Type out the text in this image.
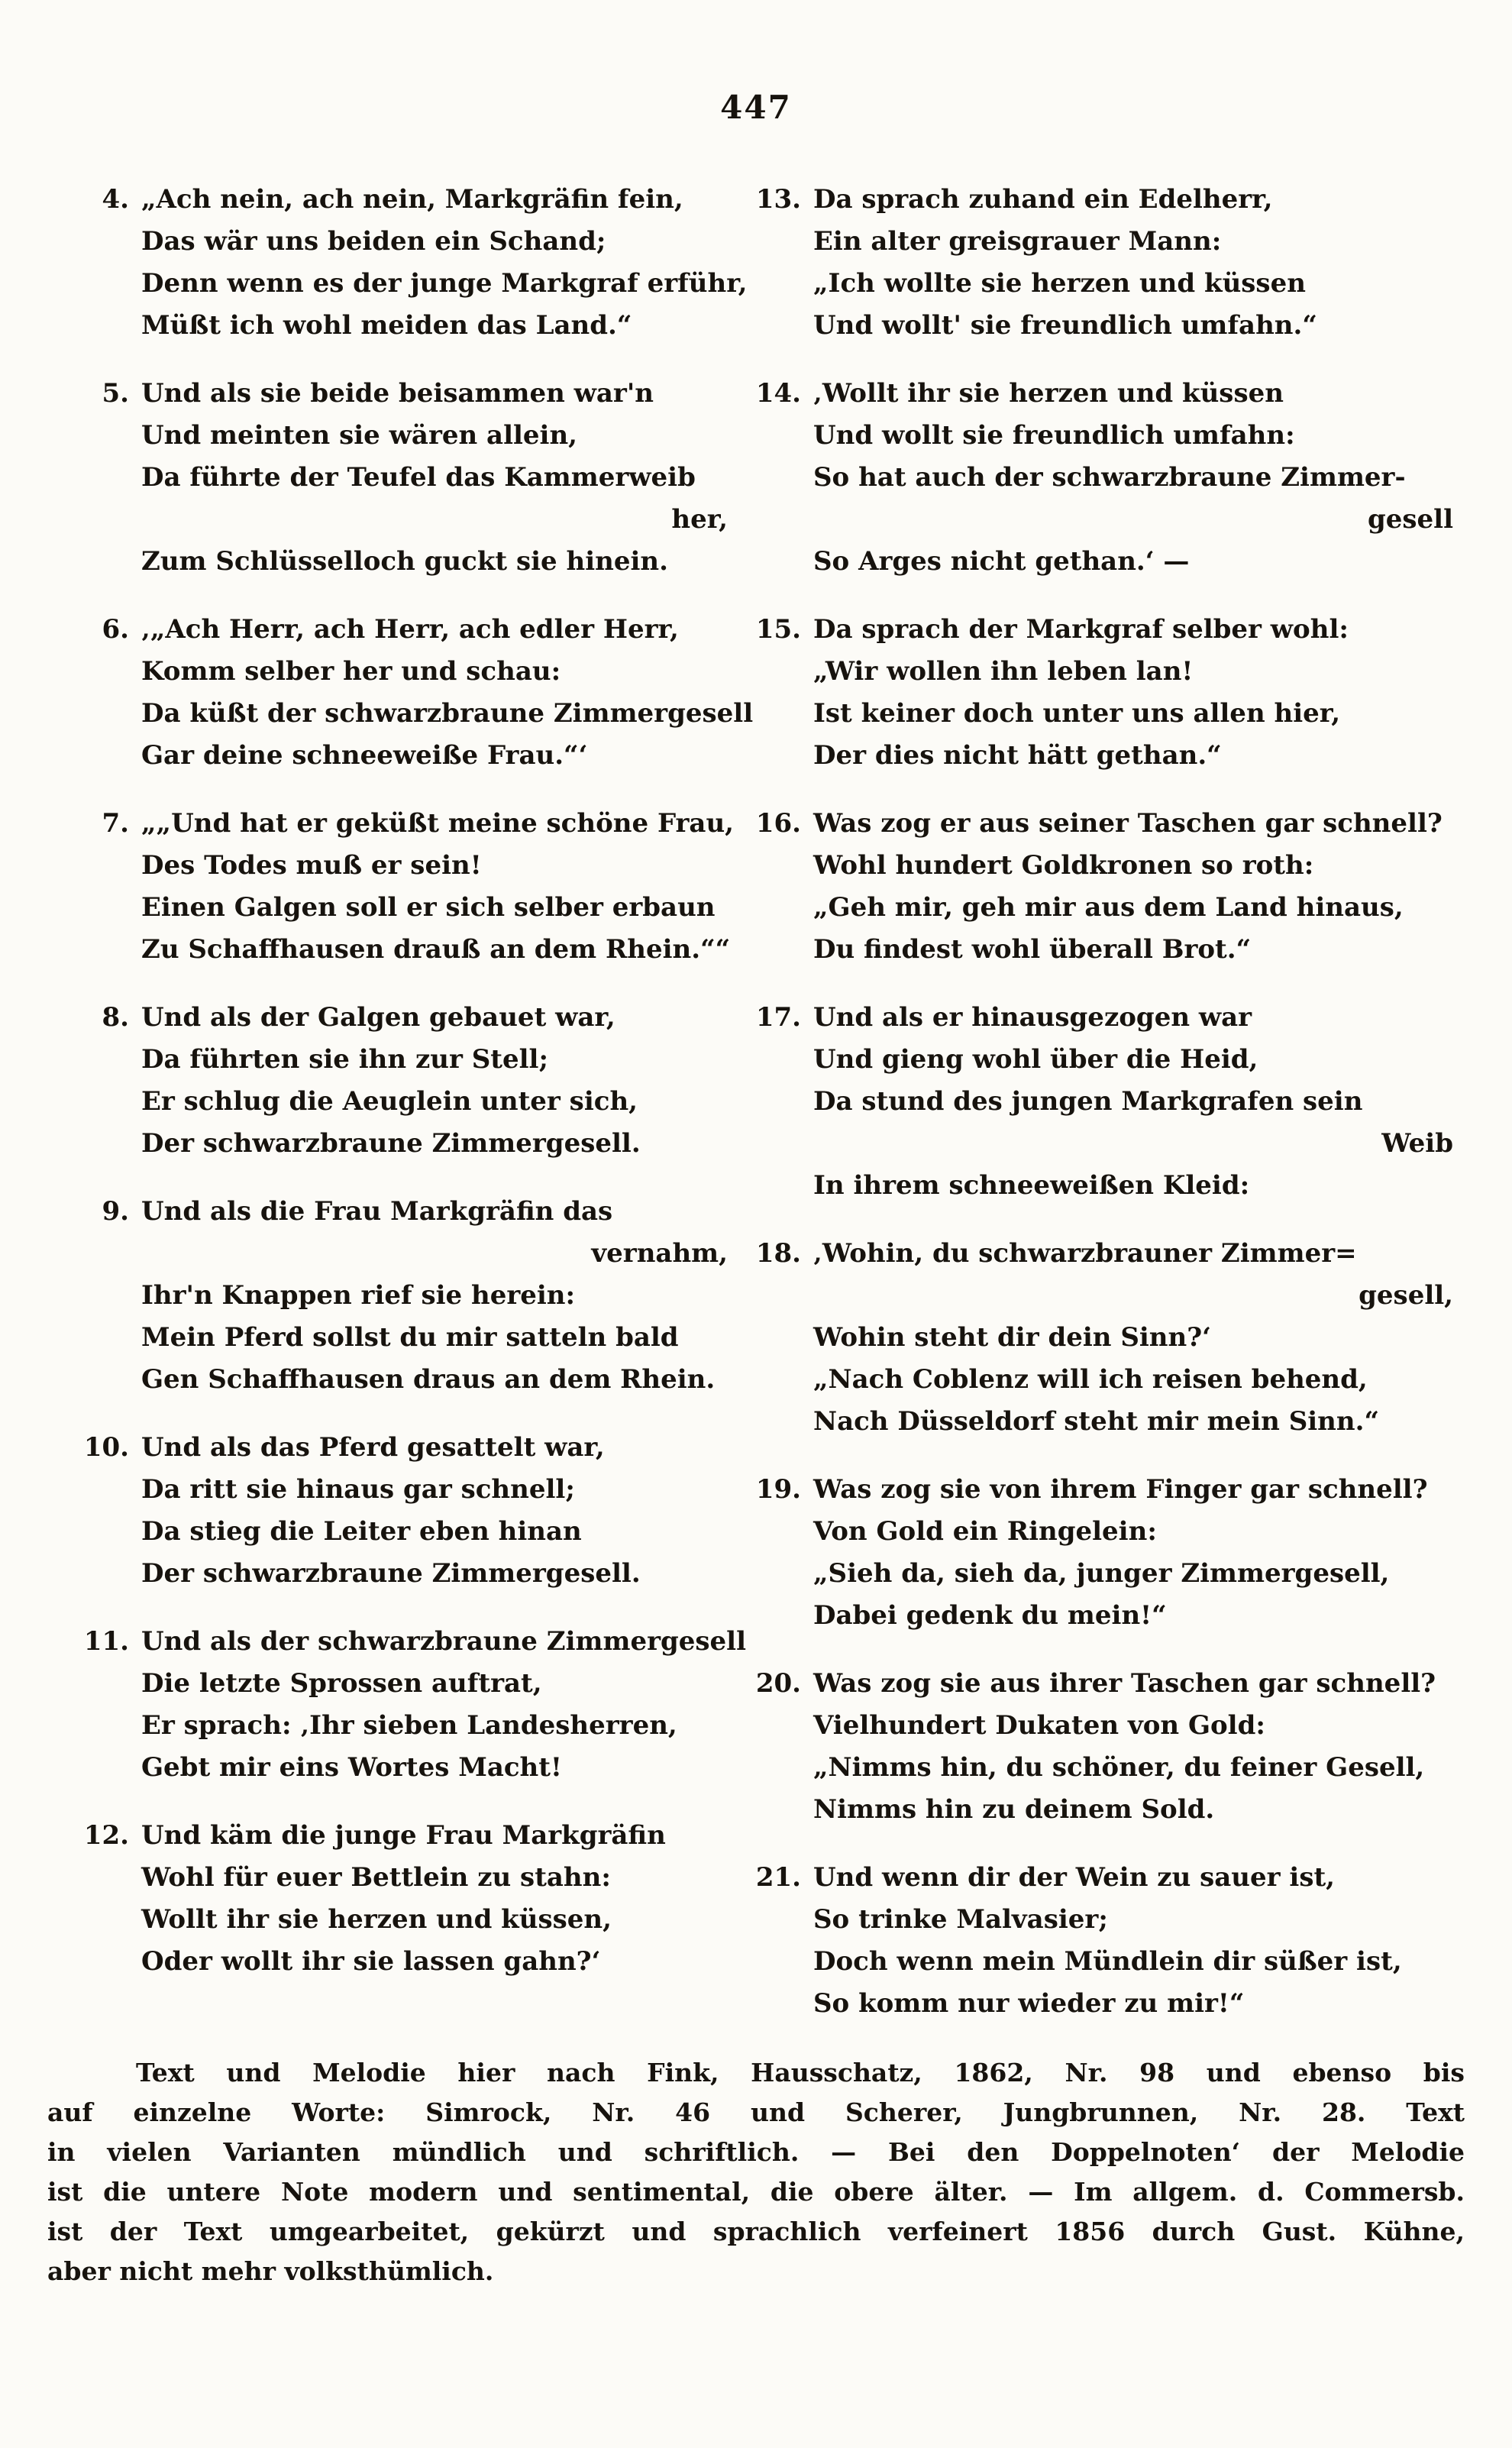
447
4. „Ach nein, ach nein, Markgräfin fein,
Das wär uns beiden ein Schand;
Denn wenn es der junge Markgraf erführ,
Müßt ich wohl meiden das Land.“
5. Und als sie beide beisammen war'n
Und meinten sie wären allein,
Da führte der Teufel das Kammerweib
her,
Zum Schlüsselloch guckt sie hinein.
6. ‚„Ach Herr, ach Herr, ach edler Herr,
Komm selber her und schau:
Da küßt der schwarzbraune Zimmergesell
Gar deine schneeweiße Frau.“‘
7. „„Und hat er geküßt meine schöne Frau,
Des Todes muß er sein!
Einen Galgen soll er sich selber erbaun
Zu Schaffhausen drauß an dem Rhein.““
8. Und als der Galgen gebauet war,
Da führten sie ihn zur Stell;
Er schlug die Aeuglein unter sich,
Der schwarzbraune Zimmergesell.
9. Und als die Frau Markgräfin das
vernahm,
Ihr'n Knappen rief sie herein:
Mein Pferd sollst du mir satteln bald
Gen Schaffhausen draus an dem Rhein.
10. Und als das Pferd gesattelt war,
Da ritt sie hinaus gar schnell;
Da stieg die Leiter eben hinan
Der schwarzbraune Zimmergesell.
11. Und als der schwarzbraune Zimmergesell
Die letzte Sprossen auftrat,
Er sprach: ‚Ihr sieben Landesherren,
Gebt mir eins Wortes Macht!
12. Und käm die junge Frau Markgräfin
Wohl für euer Bettlein zu stahn:
Wollt ihr sie herzen und küssen,
Oder wollt ihr sie lassen gahn?‘
13. Da sprach zuhand ein Edelherr,
Ein alter greisgrauer Mann:
„Ich wollte sie herzen und küssen
Und wollt' sie freundlich umfahn.“
14. ‚Wollt ihr sie herzen und küssen
Und wollt sie freundlich umfahn:
So hat auch der schwarzbraune Zimmer-
gesell
So Arges nicht gethan.‘ —
15. Da sprach der Markgraf selber wohl:
„Wir wollen ihn leben lan!
Ist keiner doch unter uns allen hier,
Der dies nicht hätt gethan.“
16. Was zog er aus seiner Taschen gar schnell?
Wohl hundert Goldkronen so roth:
„Geh mir, geh mir aus dem Land hinaus,
Du findest wohl überall Brot.“
17. Und als er hinausgezogen war
Und gieng wohl über die Heid,
Da stund des jungen Markgrafen sein
Weib
In ihrem schneeweißen Kleid:
18. ‚Wohin, du schwarzbrauner Zimmer=
gesell,
Wohin steht dir dein Sinn?‘
„Nach Coblenz will ich reisen behend,
Nach Düsseldorf steht mir mein Sinn.“
19. Was zog sie von ihrem Finger gar schnell?
Von Gold ein Ringelein:
„Sieh da, sieh da, junger Zimmergesell,
Dabei gedenk du mein!“
20. Was zog sie aus ihrer Taschen gar schnell?
Vielhundert Dukaten von Gold:
„Nimms hin, du schöner, du feiner Gesell,
Nimms hin zu deinem Sold.
21. Und wenn dir der Wein zu sauer ist,
So trinke Malvasier;
Doch wenn mein Mündlein dir süßer ist,
So komm nur wieder zu mir!“
Text und Melodie hier nach Fink, Hausschatz, 1862, Nr. 98 und ebenso bis
auf einzelne Worte: Simrock, Nr. 46 und Scherer, Jungbrunnen, Nr. 28. Text
in vielen Varianten mündlich und schriftlich. — Bei den Doppelnoten‘ der Melodie
ist die untere Note modern und sentimental, die obere älter. — Im allgem. d. Commersb.
ist der Text umgearbeitet, gekürzt und sprachlich verfeinert 1856 durch Gust. Kühne,
aber nicht mehr volksthümlich.
